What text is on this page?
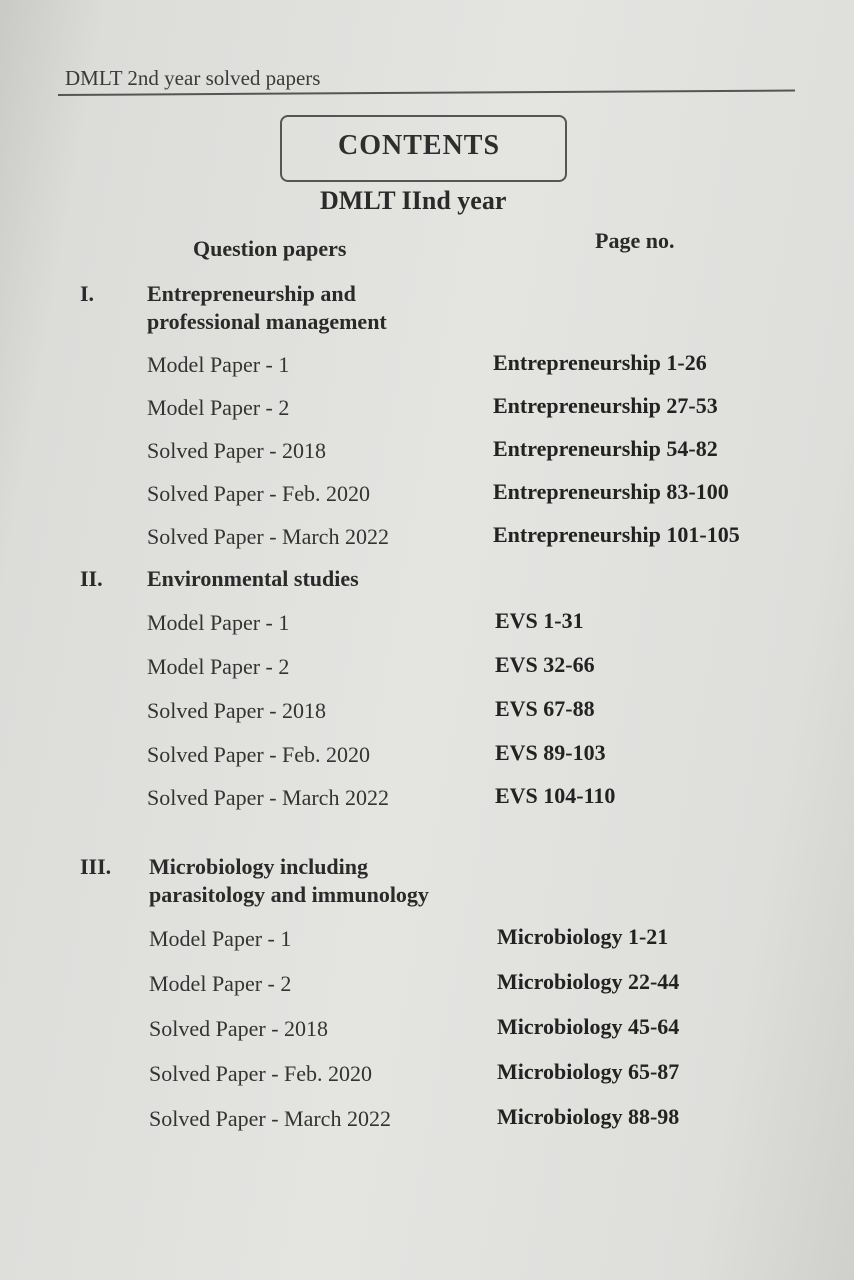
DMLT 2nd year solved papers
CONTENTS
DMLT IInd year
Question papers	Page no.
I. Entrepreneurship and
professional management
Model Paper - 1	Entrepreneurship 1-26
Model Paper - 2	Entrepreneurship 27-53
Solved Paper - 2018	Entrepreneurship 54-82
Solved Paper - Feb. 2020	Entrepreneurship 83-100
Solved Paper - March 2022	Entrepreneurship 101-105
II. Environmental studies
Model Paper - 1	EVS 1-31
Model Paper - 2	EVS 32-66
Solved Paper - 2018	EVS 67-88
Solved Paper - Feb. 2020	EVS 89-103
Solved Paper - March 2022	EVS 104-110
III. Microbiology including
parasitology and immunology
Model Paper - 1	Microbiology 1-21
Model Paper - 2	Microbiology 22-44
Solved Paper - 2018	Microbiology 45-64
Solved Paper - Feb. 2020	Microbiology 65-87
Solved Paper - March 2022	Microbiology 88-98
